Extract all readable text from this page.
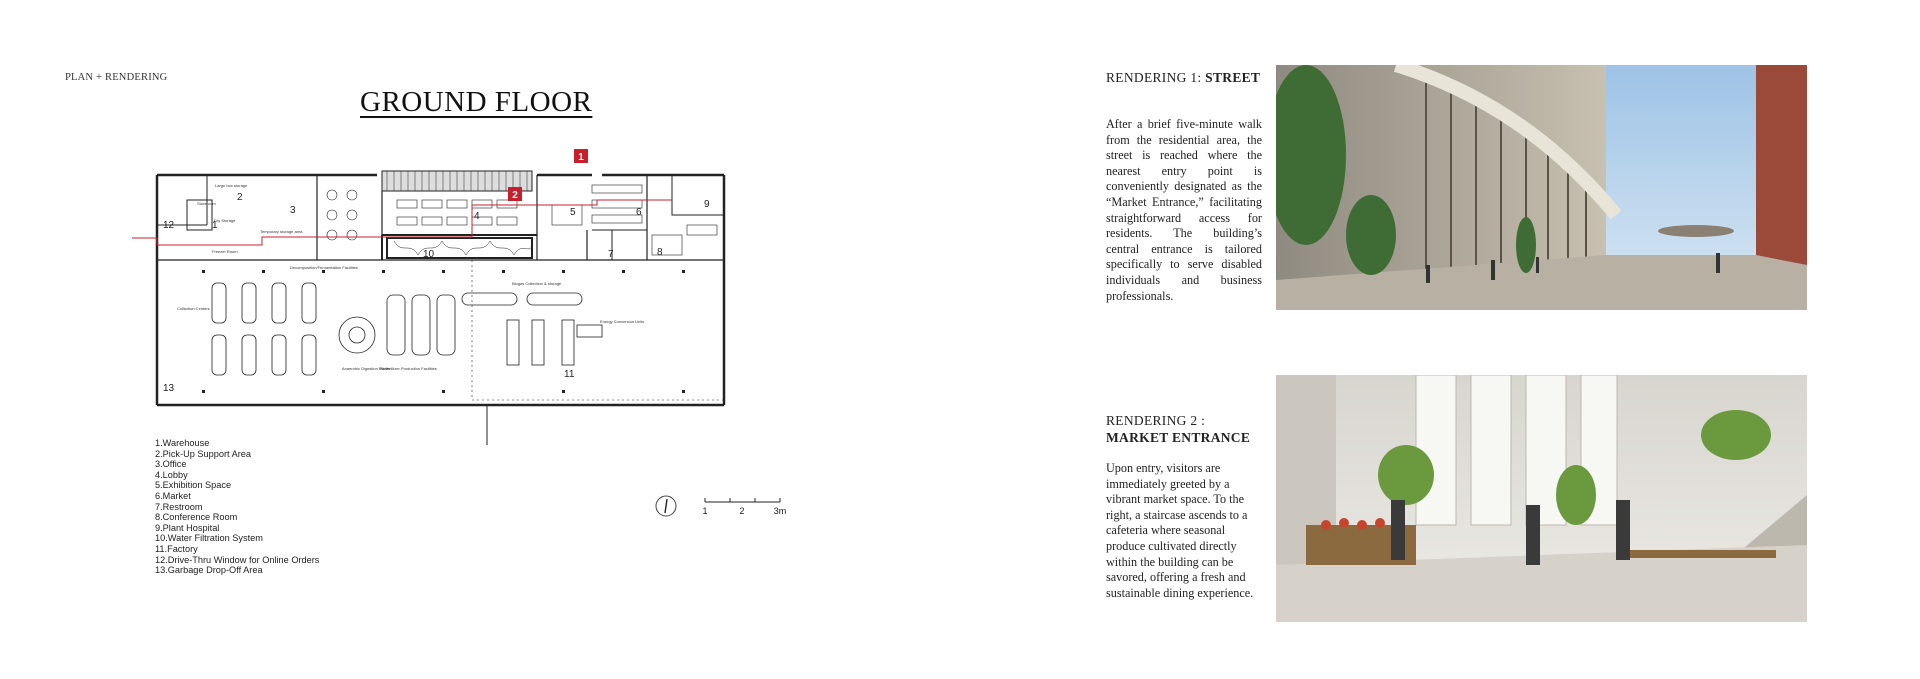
PLAN + RENDERING
GROUND FLOOR
1
2
1
2
3
4	5	6
7	8
9
10
11
12
13
Large box storage
Storeroom
Dry Storage
Temporary storage area
Freezer Room
Collection Centers
Decomposition/Fermentation Facilities
Anaerobic Digestion Plants
Biofertilizer Production Facilities
Biogas Collection & storage
Energy Conversion Units
1.Warehouse
2.Pick-Up Support Area
3.Office
4.Lobby
5.Exhibition Space
6.Market
7.Restroom
8.Conference Room
9.Plant Hospital
10.Water Filtration System
11.Factory
12.Drive-Thru Window for Online Orders
13.Garbage Drop-Off Area
1	2	3m
RENDERING 1: STREET

After a brief five-minute walk from the residential area, the street is reached where the nearest entry point is conveniently designated as the “Market Entrance,” facilitating straightforward access for residents. The building’s central entrance is tailored specifically to serve disabled individuals and business professionals.

RENDERING 2 : MARKET ENTRANCE

Upon entry, visitors are immediately greeted by a vibrant market space. To the right, a staircase ascends to a cafeteria where seasonal produce cultivated directly within the building can be savored, offering a fresh and sustainable dining experience.
